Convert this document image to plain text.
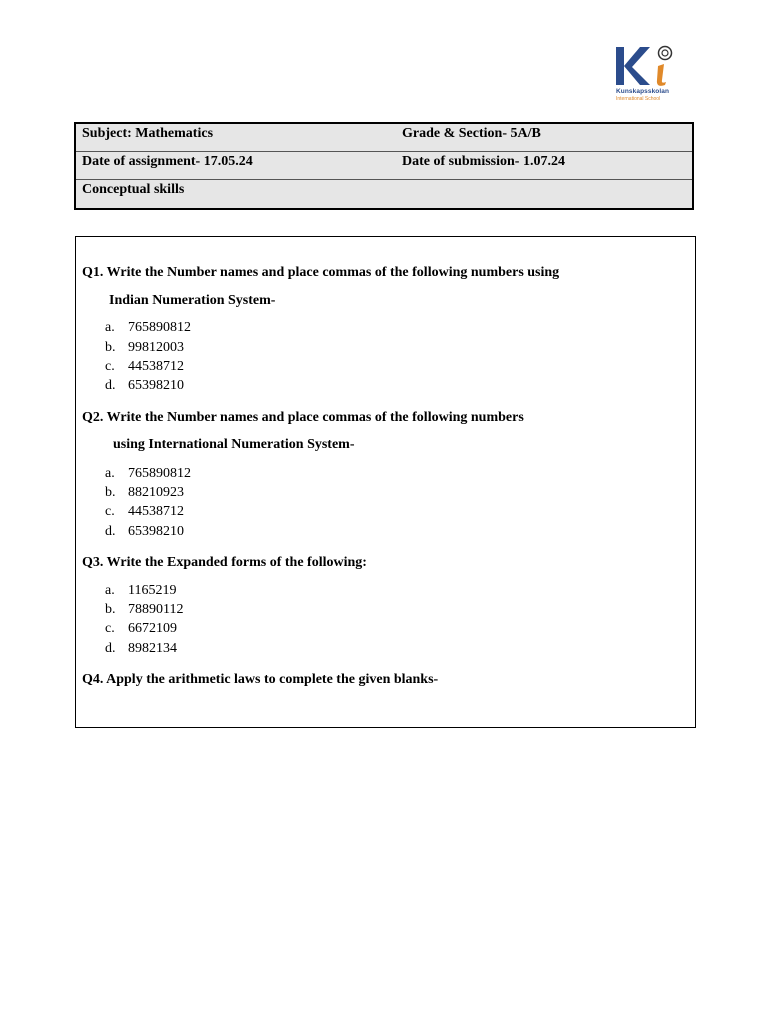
Kunskapsskolan
International School
Subject: Mathematics	Grade & Section- 5A/B
Date of assignment- 17.05.24	Date of submission- 1.07.24
Conceptual skills
Q1. Write the Number names and place commas of the following numbers using
Indian Numeration System-
a. 765890812
b. 99812003
c. 44538712
d. 65398210
Q2. Write the Number names and place commas of the following numbers
using International Numeration System-
a. 765890812
b. 88210923
c. 44538712
d. 65398210
Q3. Write the Expanded forms of the following:
a. 1165219
b. 78890112
c. 6672109
d. 8982134
Q4. Apply the arithmetic laws to complete the given blanks-
